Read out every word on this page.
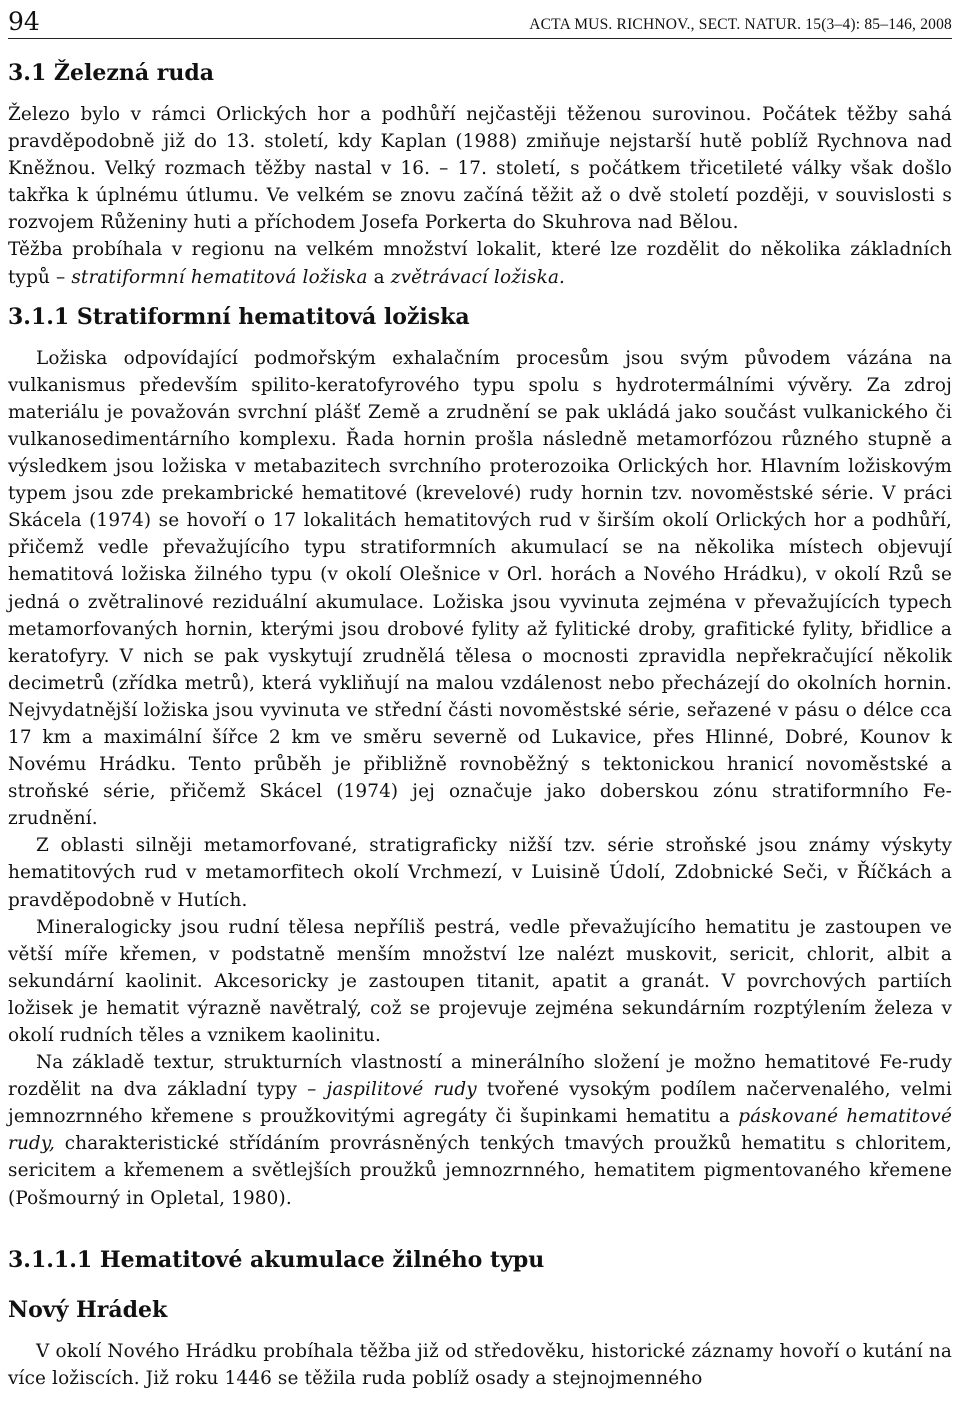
94	ACTA MUS. RICHNOV., SECT. NATUR. 15(3–4): 85–146, 2008
3.1 Železná ruda

Železo bylo v rámci Orlických hor a podhůří nejčastěji těženou surovinou. Počátek těžby sahá pravděpodobně již do 13. století, kdy Kaplan (1988) zmiňuje nejstarší hutě poblíž Rychnova nad Kněžnou. Velký rozmach těžby nastal v 16. – 17. století, s počátkem třicetileté války však došlo takřka k úplnému útlumu. Ve velkém se znovu začíná těžit až o dvě století později, v souvislosti s rozvojem Růženiny huti a příchodem Josefa Porkerta do Skuhrova nad Bělou.

Těžba probíhala v regionu na velkém množství lokalit, které lze rozdělit do několika základních typů – stratiformní hematitová ložiska a zvětrávací ložiska.

3.1.1 Stratiformní hematitová ložiska

Ložiska odpovídající podmořským exhalačním procesům jsou svým původem vázána na vulkanismus především spilito-keratofyrového typu spolu s hydrotermálními vývěry. Za zdroj materiálu je považován svrchní plášť Země a zrudnění se pak ukládá jako součást vulkanického či vulkanosedimentárního komplexu. Řada hornin prošla následně metamorfózou různého stupně a výsledkem jsou ložiska v metabazitech svrchního proterozoika Orlických hor. Hlavním ložiskovým typem jsou zde prekambrické hematitové (krevelové) rudy hornin tzv. novoměstské série. V práci Skácela (1974) se hovoří o 17 lokalitách hematitových rud v širším okolí Orlických hor a podhůří, přičemž vedle převažujícího typu stratiformních akumulací se na několika místech objevují hematitová ložiska žilného typu (v okolí Olešnice v Orl. horách a Nového Hrádku), v okolí Rzů se jedná o zvětralinové reziduální akumulace. Ložiska jsou vyvinuta zejména v převažujících typech metamorfovaných hornin, kterými jsou drobové fylity až fylitické droby, grafitické fylity, břidlice a keratofyry. V nich se pak vyskytují zrudnělá tělesa o mocnosti zpravidla nepřekračující několik decimetrů (zřídka metrů), která vykliňují na malou vzdálenost nebo přecházejí do okolních hornin. Nejvydatnější ložiska jsou vyvinuta ve střední části novoměstské série, seřazené v pásu o délce cca 17 km a maximální šířce 2 km ve směru severně od Lukavice, přes Hlinné, Dobré, Kounov k Novému Hrádku. Tento průběh je přibližně rovnoběžný s tektonickou hranicí novoměstské a stroňské série, přičemž Skácel (1974) jej označuje jako doberskou zónu stratiformního Fe-zrudnění.

Z oblasti silněji metamorfované, stratigraficky nižší tzv. série stroňské jsou známy výskyty hematitových rud v metamorfitech okolí Vrchmezí, v Luisině Údolí, Zdobnické Seči, v Říčkách a pravděpodobně v Hutích.

Mineralogicky jsou rudní tělesa nepříliš pestrá, vedle převažujícího hematitu je zastoupen ve větší míře křemen, v podstatně menším množství lze nalézt muskovit, sericit, chlorit, albit a sekundární kaolinit. Akcesoricky je zastoupen titanit, apatit a granát. V povrchových partiích ložisek je hematit výrazně navětralý, což se projevuje zejména sekundárním rozptýlením železa v okolí rudních těles a vznikem kaolinitu.

Na základě textur, strukturních vlastností a minerálního složení je možno hematitové Fe-rudy rozdělit na dva základní typy – jaspilitové rudy tvořené vysokým podílem načervenalého, velmi jemnozrnného křemene s proužkovitými agregáty či šupinkami hematitu a páskované hematitové rudy, charakteristické střídáním provrásněných tenkých tmavých proužků hematitu s chloritem, sericitem a křemenem a světlejších proužků jemnozrnného, hematitem pigmentovaného křemene (Pošmourný in Opletal, 1980).

3.1.1.1 Hematitové akumulace žilného typu
Nový Hrádek

V okolí Nového Hrádku probíhala těžba již od středověku, historické záznamy hovoří o kutání na více ložiscích. Již roku 1446 se těžila ruda poblíž osady a stejnojmenného
